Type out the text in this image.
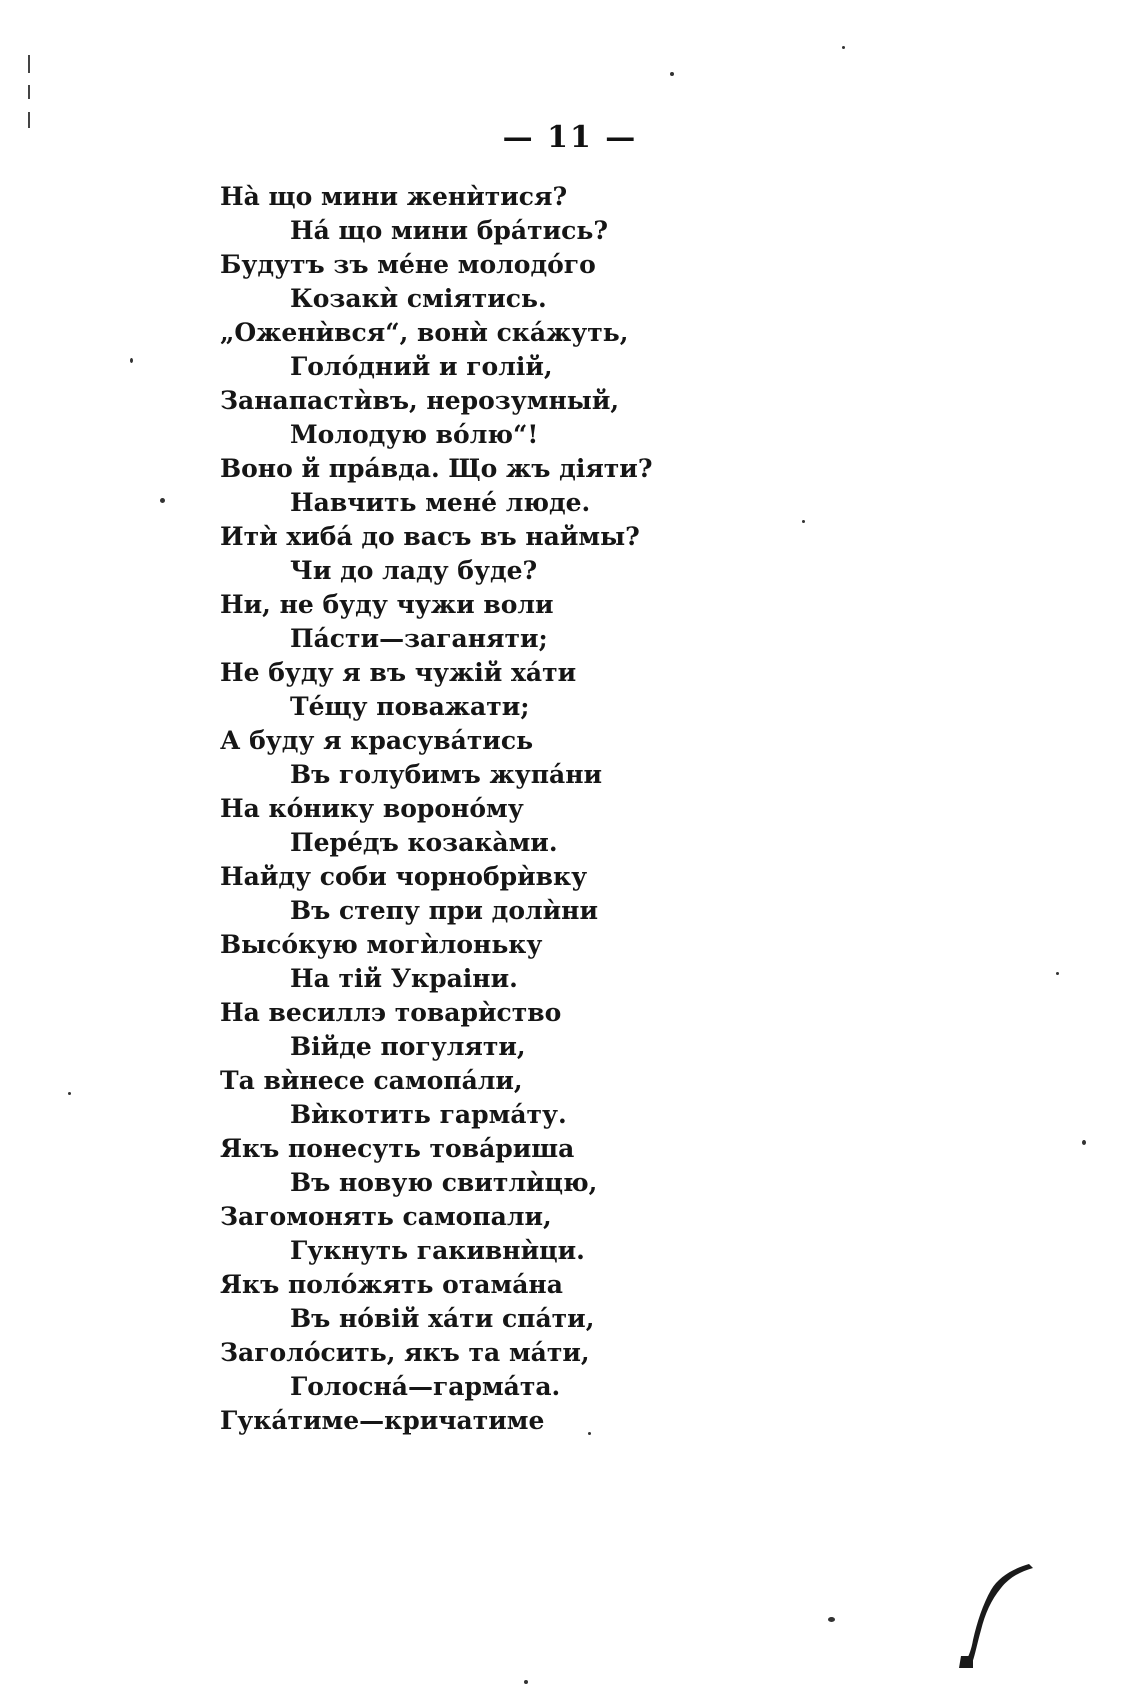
— 11 —
Нà що мини женѝтися?
Нá що мини брáтись?
Будутъ зъ мéне молодóго
Козакѝ смiятись.
„Оженѝвся“, вонѝ скáжуть,
Голóдний и голiй,
Занапастѝвъ, нерозумный,
Молодую вóлю“!
Воно й прáвда. Що жъ дiяти?
Навчить менé люде.
Итѝ хибá до васъ въ наймы?
Чи до ладу буде?
Ни, не буду чужи воли
Пáсти—заганяти;
Не буду я въ чужiй хáти
Тéщу поважати;
А буду я красувáтись
Въ голубимъ жупáни
На кóнику воронóму
Перéдъ козакàми.
Найду соби чорнобрѝвку
Въ степу при долѝни
Высóкую могѝлоньку
На тiй Украiни.
На весиллэ товарѝство
Вiйде погуляти,
Та вѝнесе самопáли,
Вѝкотить гармáту.
Якъ понесуть товáриша
Въ новую свитлѝцю,
Загомонять самопали,
Гукнуть гакивнѝци.
Якъ полóжять отамáна
Въ нóвiй хáти спáти,
Заголóсить, якъ та мáти,
Голоснá—гармáта.
Гукáтиме—кричатиме
